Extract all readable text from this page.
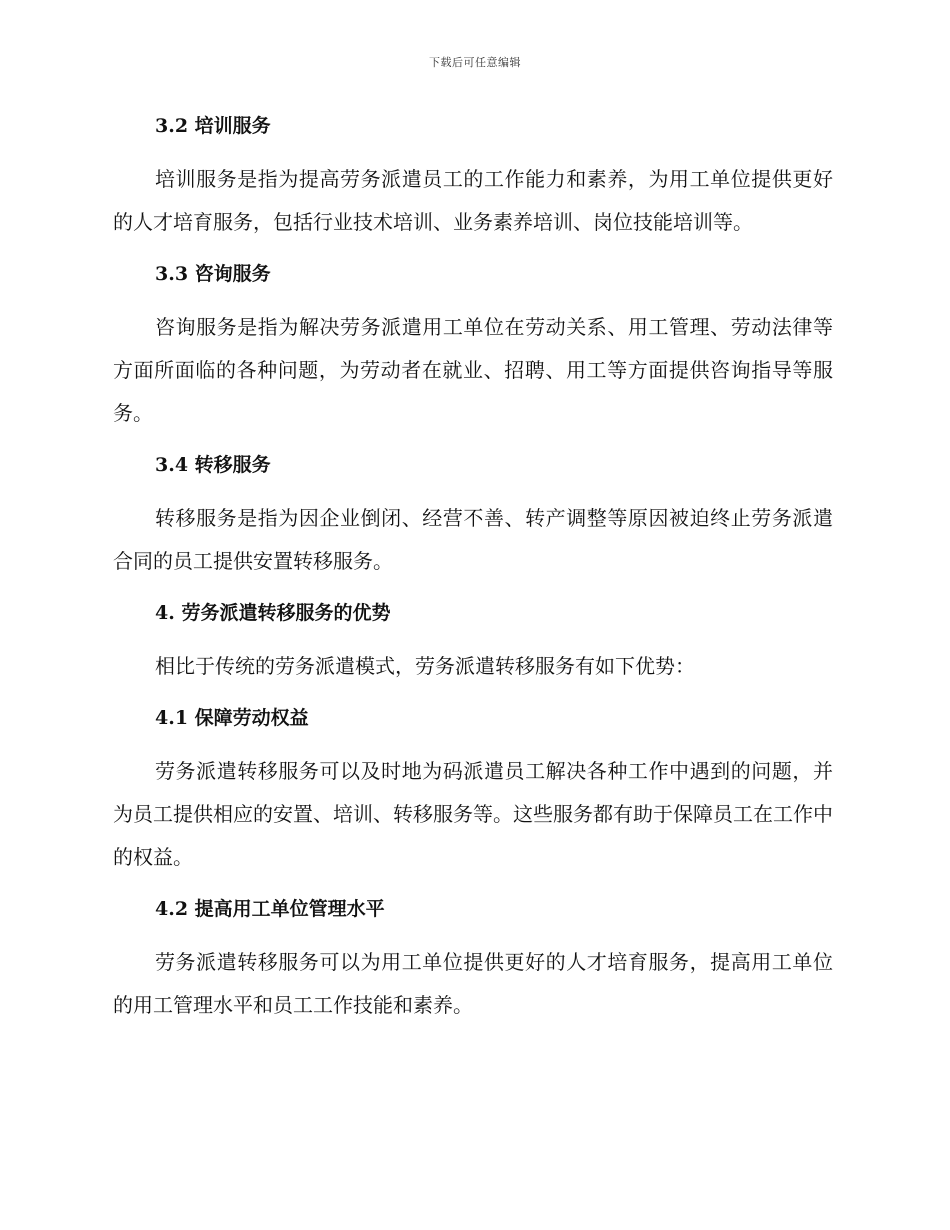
下载后可任意编辑
3.2 培训服务

培训服务是指为提高劳务派遣员工的工作能力和素养，为用工单位提供更好的人才培育服务，包括行业技术培训、业务素养培训、岗位技能培训等。

3.3 咨询服务

咨询服务是指为解决劳务派遣用工单位在劳动关系、用工管理、劳动法律等方面所面临的各种问题，为劳动者在就业、招聘、用工等方面提供咨询指导等服务。

3.4 转移服务

转移服务是指为因企业倒闭、经营不善、转产调整等原因被迫终止劳务派遣合同的员工提供安置转移服务。

4. 劳务派遣转移服务的优势

相比于传统的劳务派遣模式，劳务派遣转移服务有如下优势：

4.1 保障劳动权益

劳务派遣转移服务可以及时地为码派遣员工解决各种工作中遇到的问题，并为员工提供相应的安置、培训、转移服务等。这些服务都有助于保障员工在工作中的权益。

4.2 提高用工单位管理水平

劳务派遣转移服务可以为用工单位提供更好的人才培育服务，提高用工单位的用工管理水平和员工工作技能和素养。
